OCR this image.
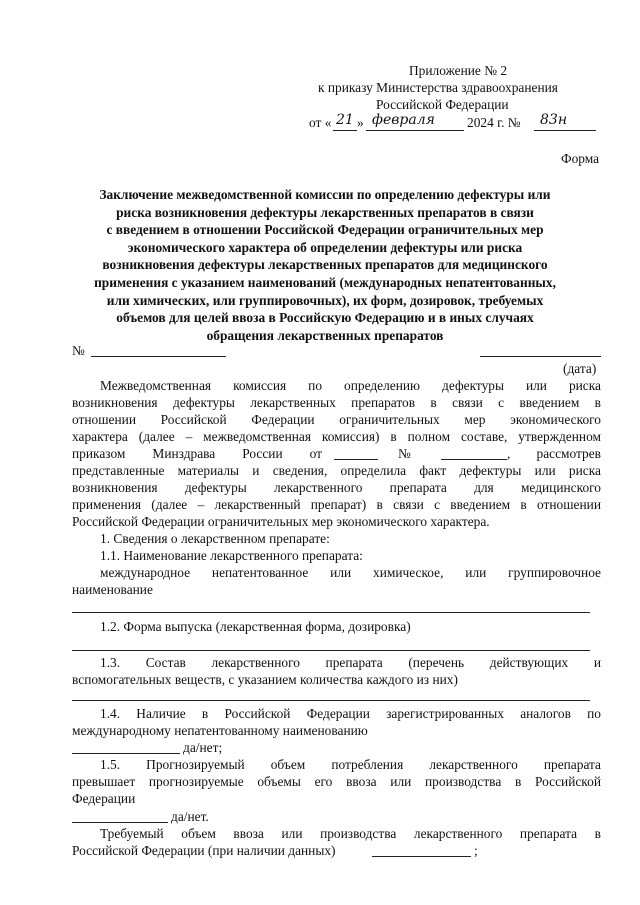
Приложение № 2
к приказу Министерства здравоохранения
Российской Федерации
от « 21 » февраля 2024 г. № 83н
Форма
Заключение межведомственной комиссии по определению дефектуры или
риска возникновения дефектуры лекарственных препаратов в связи
с введением в отношении Российской Федерации ограничительных мер
экономического характера об определении дефектуры или риска
возникновения дефектуры лекарственных препаратов для медицинского
применения с указанием наименований (международных непатентованных,
или химических, или группировочных), их форм, дозировок, требуемых
объемов для целей ввоза в Российскую Федерацию и в иных случаях
обращения лекарственных препаратов
№
(дата)
Межведомственная комиссия по определению дефектуры или риска
возникновения дефектуры лекарственных препаратов в связи с введением в
отношении Российской Федерации ограничительных мер экономического
характера (далее – межведомственная комиссия) в полном составе, утвержденном
приказом Минздрава России от	№	, рассмотрев
представленные материалы и сведения, определила факт дефектуры или риска
возникновения дефектуры лекарственного препарата для медицинского
применения (далее – лекарственный препарат) в связи с введением в отношении
Российской Федерации ограничительных мер экономического характера.
1. Сведения о лекарственном препарате:
1.1. Наименование лекарственного препарата:
международное непатентованное или химическое, или группировочное
наименование
1.2. Форма выпуска (лекарственная форма, дозировка)
1.3. Состав лекарственного препарата (перечень действующих и
вспомогательных веществ, с указанием количества каждого из них)
1.4. Наличие в Российской Федерации зарегистрированных аналогов по
международному непатентованному наименованию
да/нет;
1.5. Прогнозируемый объем потребления лекарственного препарата
превышает прогнозируемые объемы его ввоза или производства в Российской
Федерации
да/нет.
Требуемый объем ввоза или производства лекарственного препарата в
Российской Федерации (при наличии данных)	;
